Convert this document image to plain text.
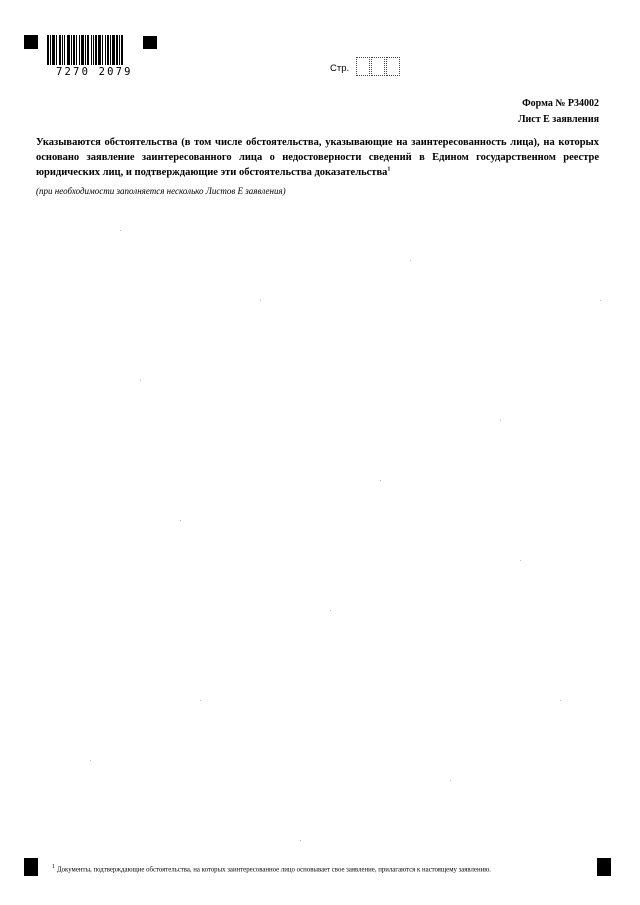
7270 2079	Стр.
Форма № Р34002
Лист Е заявления
Указываются обстоятельства (в том числе обстоятельства, указывающие на заинтересованность лица), на которых основано заявление заинтересованного лица о недостоверности сведений в Едином государственном реестре юридических лиц, и подтверждающие эти обстоятельства доказательства$^1$
(при необходимости заполняется несколько Листов Е заявления)
1 Документы, подтверждающие обстоятельства, на которых заинтересованное лицо основывает свое заявление, прилагаются к настоящему заявлению.
